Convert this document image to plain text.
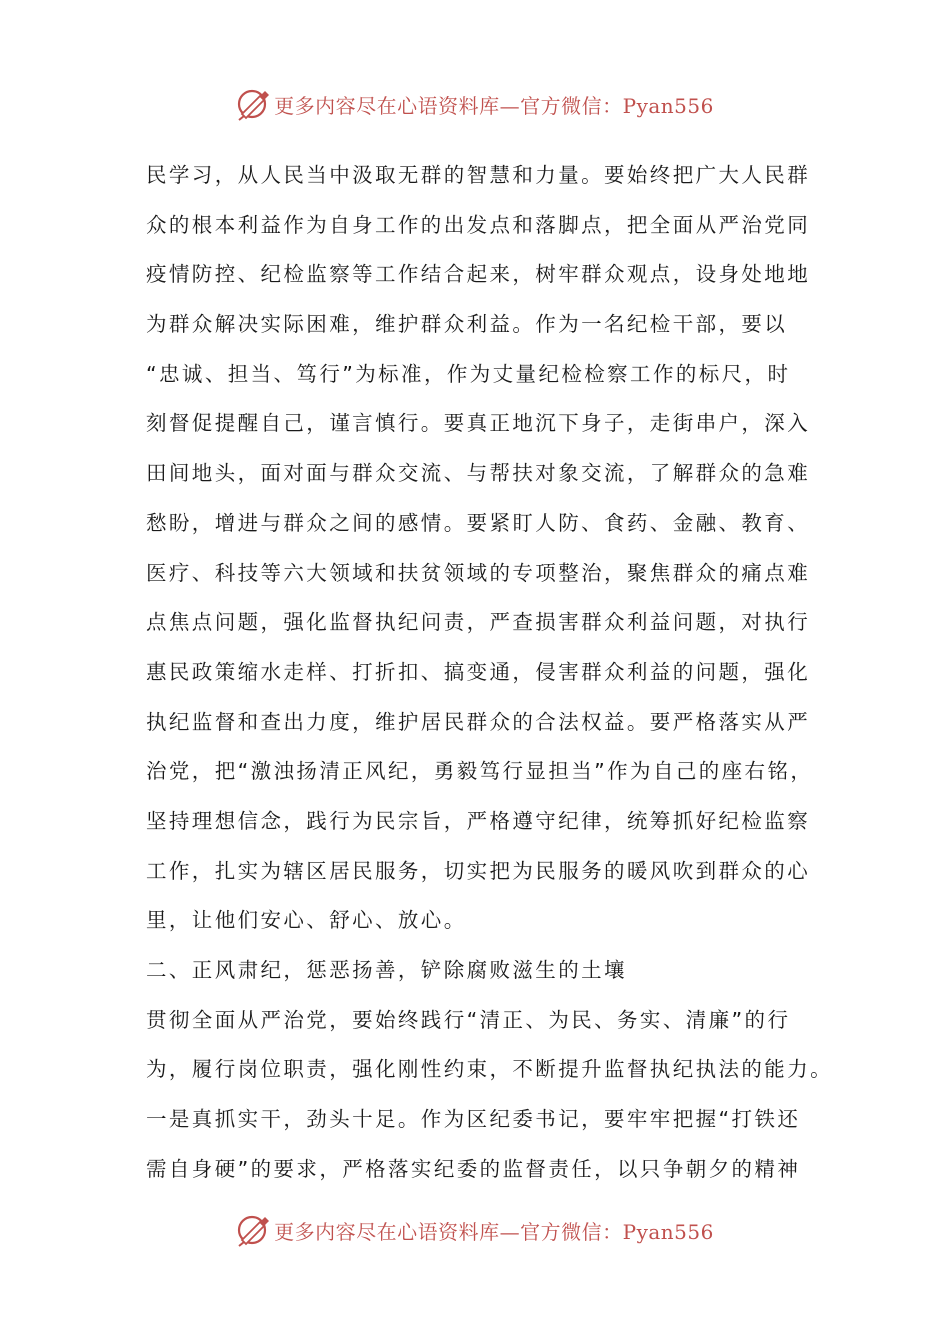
更多内容尽在心语资料库—官方微信：Pyan556
民学习，从人民当中汲取无群的智慧和力量。要始终把广大人民群
众的根本利益作为自身工作的出发点和落脚点，把全面从严治党同
疫情防控、纪检监察等工作结合起来，树牢群众观点，设身处地地
为群众解决实际困难，维护群众利益。作为一名纪检干部，要以
“忠诚、担当、笃行”为标准，作为丈量纪检检察工作的标尺，时
刻督促提醒自己，谨言慎行。要真正地沉下身子，走街串户，深入
田间地头，面对面与群众交流、与帮扶对象交流，了解群众的急难
愁盼，增进与群众之间的感情。要紧盯人防、食药、金融、教育、
医疗、科技等六大领域和扶贫领域的专项整治，聚焦群众的痛点难
点焦点问题，强化监督执纪问责，严查损害群众利益问题，对执行
惠民政策缩水走样、打折扣、搞变通，侵害群众利益的问题，强化
执纪监督和查出力度，维护居民群众的合法权益。要严格落实从严
治党，把“激浊扬清正风纪，勇毅笃行显担当”作为自己的座右铭，
坚持理想信念，践行为民宗旨，严格遵守纪律，统筹抓好纪检监察
工作，扎实为辖区居民服务，切实把为民服务的暖风吹到群众的心
里，让他们安心、舒心、放心。
二、正风肃纪，惩恶扬善，铲除腐败滋生的土壤
贯彻全面从严治党，要始终践行“清正、为民、务实、清廉”的行
为，履行岗位职责，强化刚性约束，不断提升监督执纪执法的能力。
一是真抓实干，劲头十足。作为区纪委书记，要牢牢把握“打铁还
需自身硬”的要求，严格落实纪委的监督责任，以只争朝夕的精神
更多内容尽在心语资料库—官方微信：Pyan556
